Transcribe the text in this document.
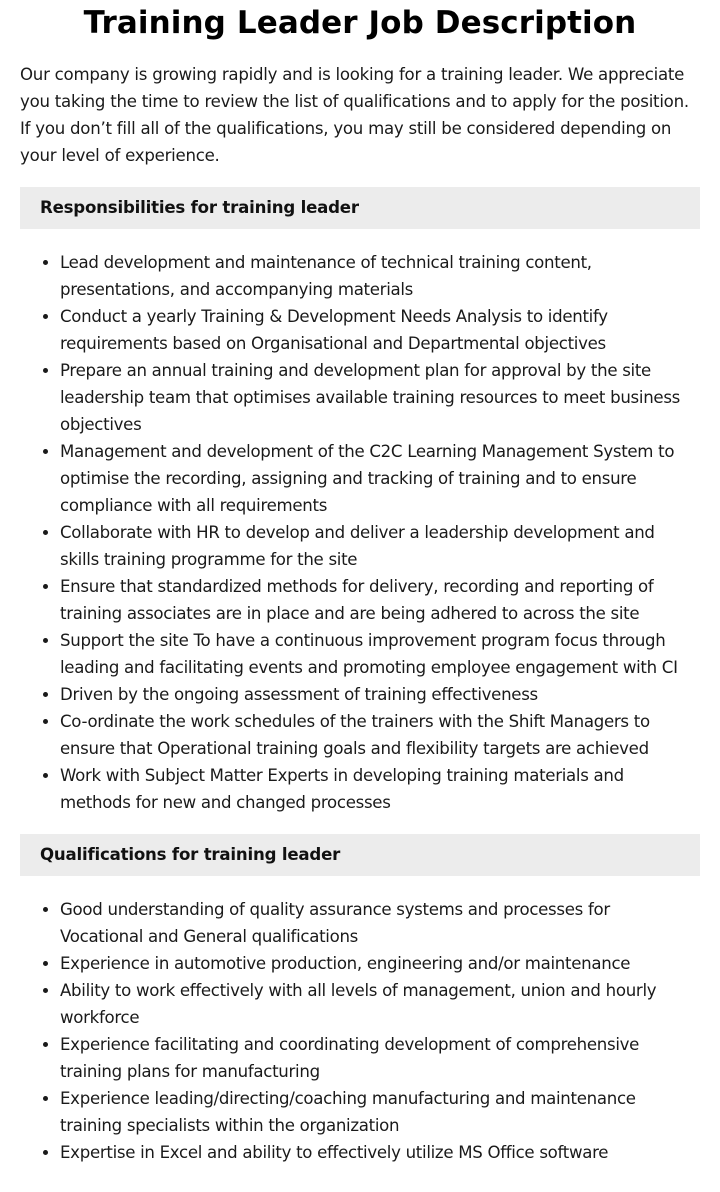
Training Leader Job Description

Our company is growing rapidly and is looking for a training leader. We appreciate you taking the time to review the list of qualifications and to apply for the position. If you don’t fill all of the qualifications, you may still be considered depending on your level of experience.

Responsibilities for training leader
• Lead development and maintenance of technical training content, presentations, and accompanying materials
• Conduct a yearly Training & Development Needs Analysis to identify requirements based on Organisational and Departmental objectives
• Prepare an annual training and development plan for approval by the site leadership team that optimises available training resources to meet business objectives
• Management and development of the C2C Learning Management System to optimise the recording, assigning and tracking of training and to ensure compliance with all requirements
• Collaborate with HR to develop and deliver a leadership development and skills training programme for the site
• Ensure that standardized methods for delivery, recording and reporting of training associates are in place and are being adhered to across the site
• Support the site To have a continuous improvement program focus through leading and facilitating events and promoting employee engagement with CI
• Driven by the ongoing assessment of training effectiveness
• Co-ordinate the work schedules of the trainers with the Shift Managers to ensure that Operational training goals and flexibility targets are achieved
• Work with Subject Matter Experts in developing training materials and methods for new and changed processes
Qualifications for training leader
• Good understanding of quality assurance systems and processes for Vocational and General qualifications
• Experience in automotive production, engineering and/or maintenance
• Ability to work effectively with all levels of management, union and hourly workforce
• Experience facilitating and coordinating development of comprehensive training plans for manufacturing
• Experience leading/directing/coaching manufacturing and maintenance training specialists within the organization
• Expertise in Excel and ability to effectively utilize MS Office software
